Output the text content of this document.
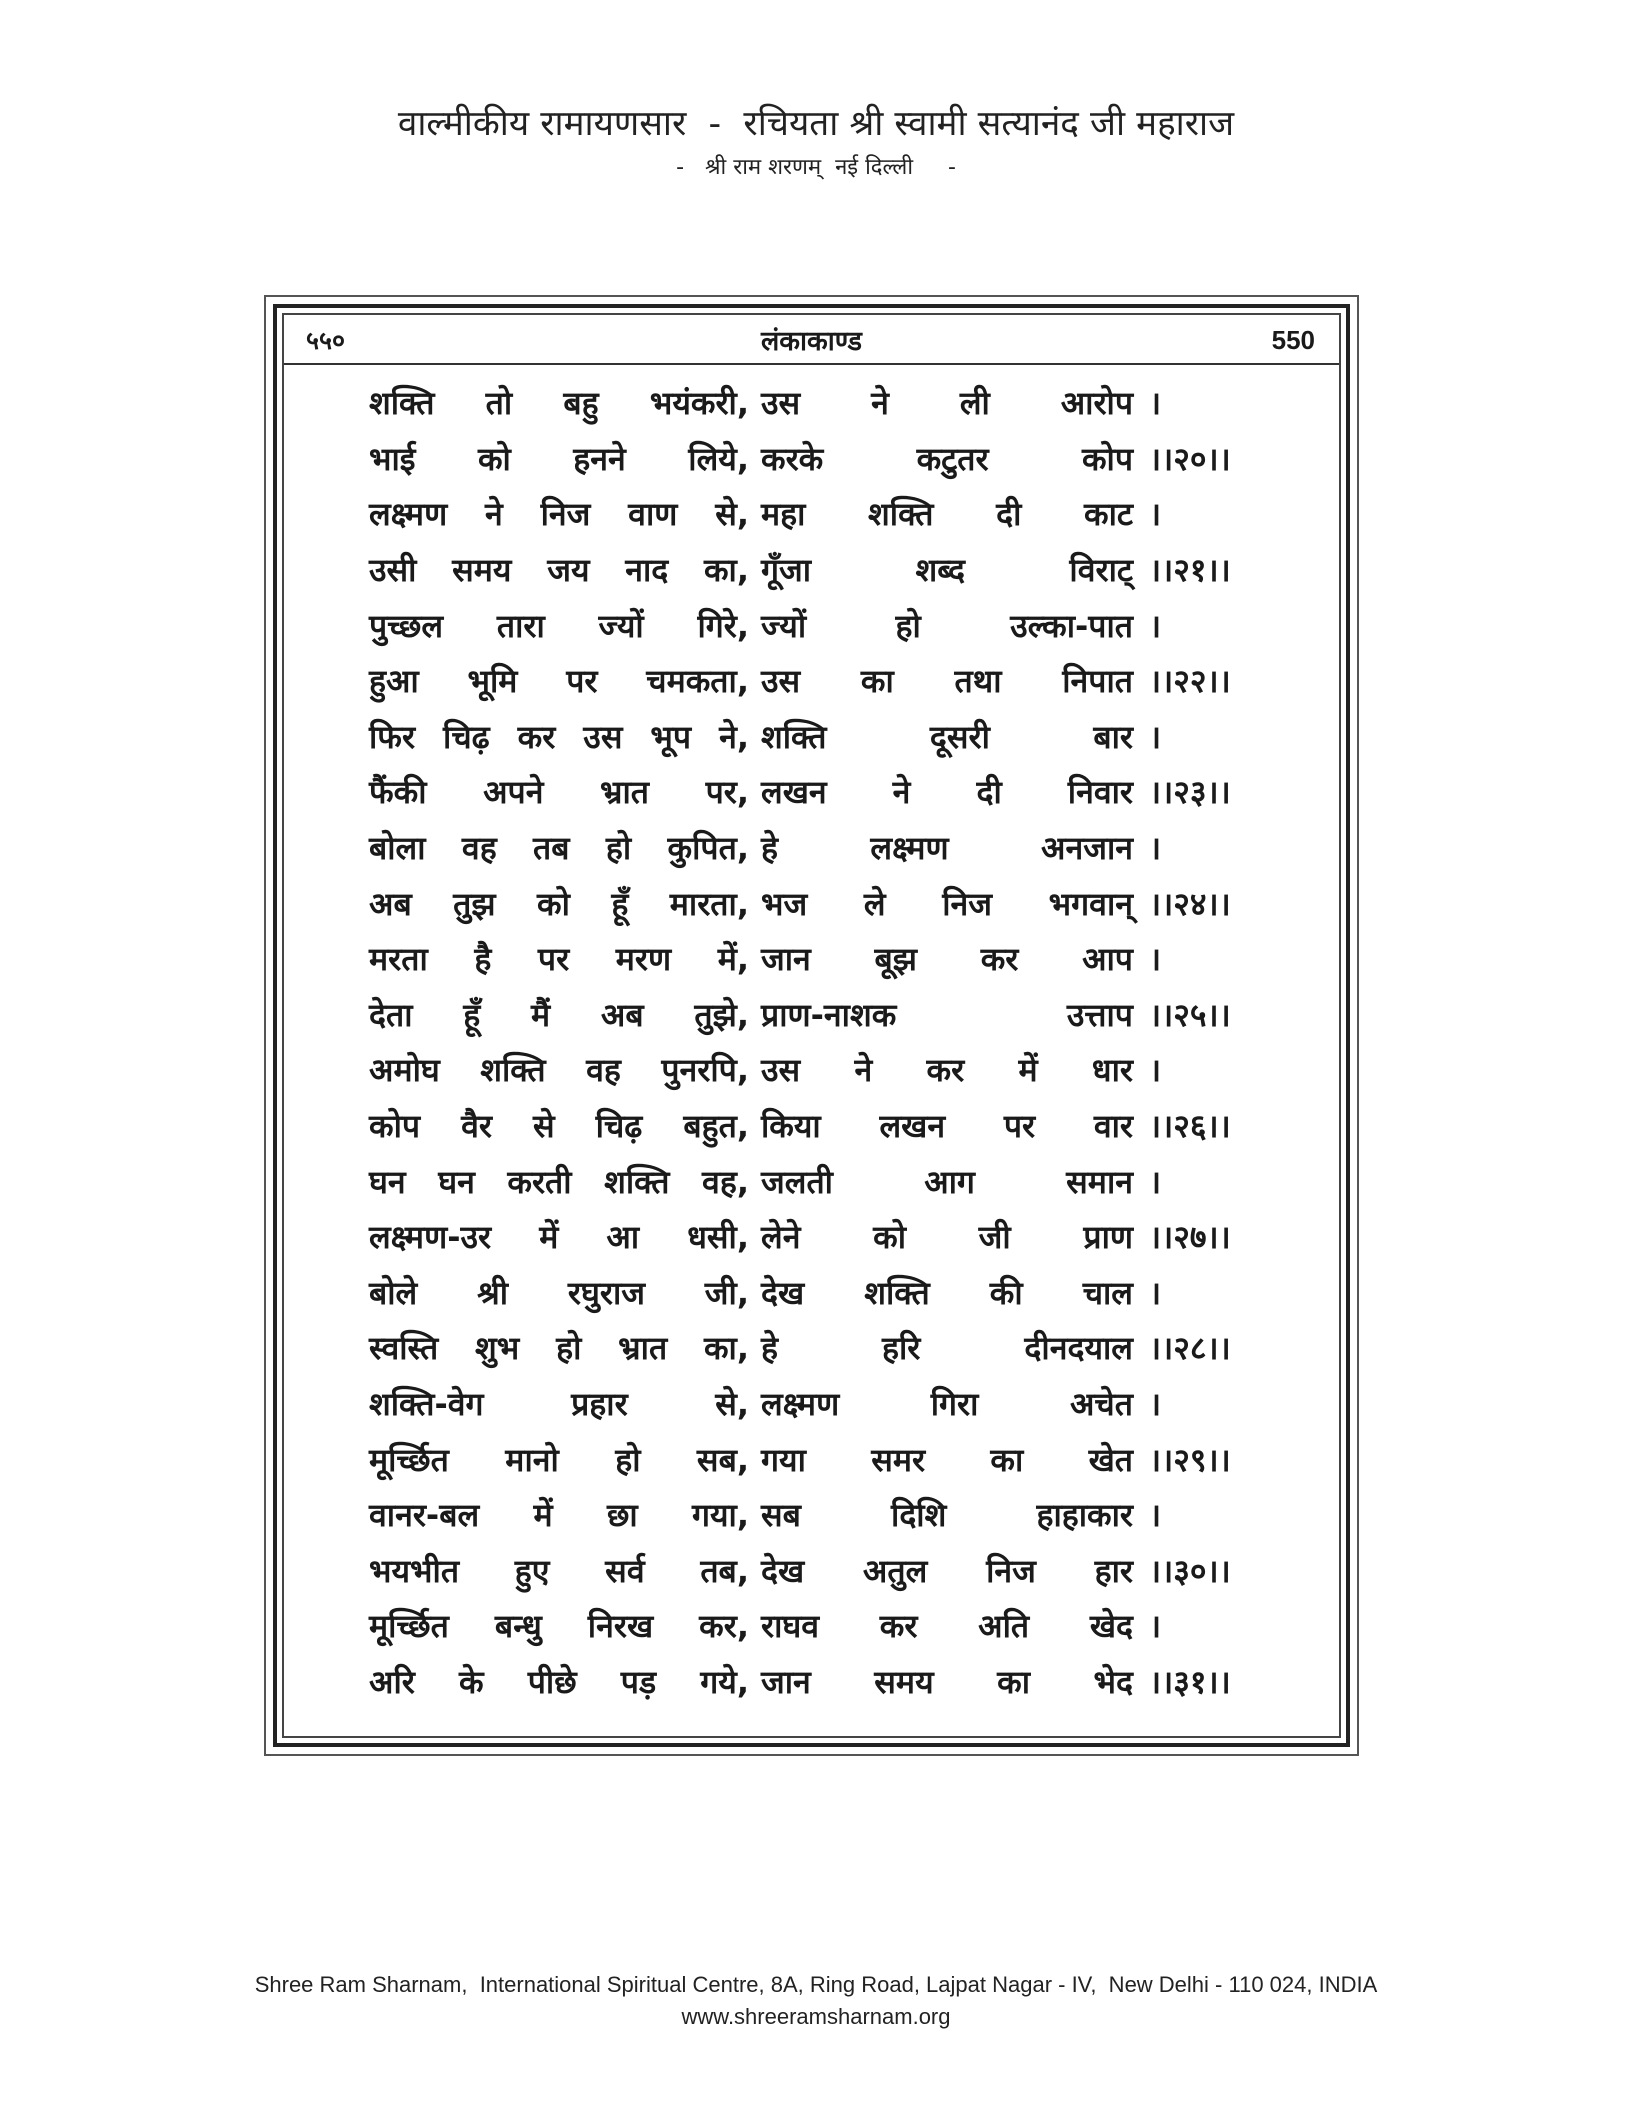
वाल्मीकीय रामायणसार  -  रचियता श्री स्वामी सत्यानंद जी महाराज
-   श्री राम शरणम्  नई दिल्ली     -
५५०	लंकाकाण्ड	550
शक्ति तो बहु भयंकरी, उस ने ली आरोप ।
भाई को हनने लिये, करके कटुतर कोप ।।२०।।
लक्ष्मण ने निज वाण से, महा शक्ति दी काट ।
उसी समय जय नाद का, गूँजा शब्द विराट् ।।२१।।
पुच्छल तारा ज्यों गिरे, ज्यों हो उल्का-पात ।
हुआ भूमि पर चमकता, उस का तथा निपात ।।२२।।
फिर चिढ़ कर उस भूप ने, शक्ति दूसरी बार ।
फैंकी अपने भ्रात पर, लखन ने दी निवार ।।२३।।
बोला वह तब हो कुपित, हे लक्ष्मण अनजान ।
अब तुझ को हूँ मारता, भज ले निज भगवान् ।।२४।।
मरता है पर मरण में, जान बूझ कर आप ।
देता हूँ मैं अब तुझे, प्राण-नाशक उत्ताप ।।२५।।
अमोघ शक्ति वह पुनरपि, उस ने कर में धार ।
कोप वैर से चिढ़ बहुत, किया लखन पर वार ।।२६।।
घन घन करती शक्ति वह, जलती आग समान ।
लक्ष्मण-उर में आ धसी, लेने को जी प्राण ।।२७।।
बोले श्री रघुराज जी, देख शक्ति की चाल ।
स्वस्ति शुभ हो भ्रात का, हे हरि दीनदयाल ।।२८।।
शक्ति-वेग प्रहार से, लक्ष्मण गिरा अचेत ।
मूर्च्छित मानो हो सब, गया समर का खेत ।।२९।।
वानर-बल में छा गया, सब दिशि हाहाकार ।
भयभीत हुए सर्व तब, देख अतुल निज हार ।।३०।।
मूर्च्छित बन्धु निरख कर, राघव कर अति खेद ।
अरि के पीछे पड़ गये, जान समय का भेद ।।३१।।
Shree Ram Sharnam,  International Spiritual Centre, 8A, Ring Road, Lajpat Nagar - IV,  New Delhi - 110 024, INDIA
www.shreeramsharnam.org
